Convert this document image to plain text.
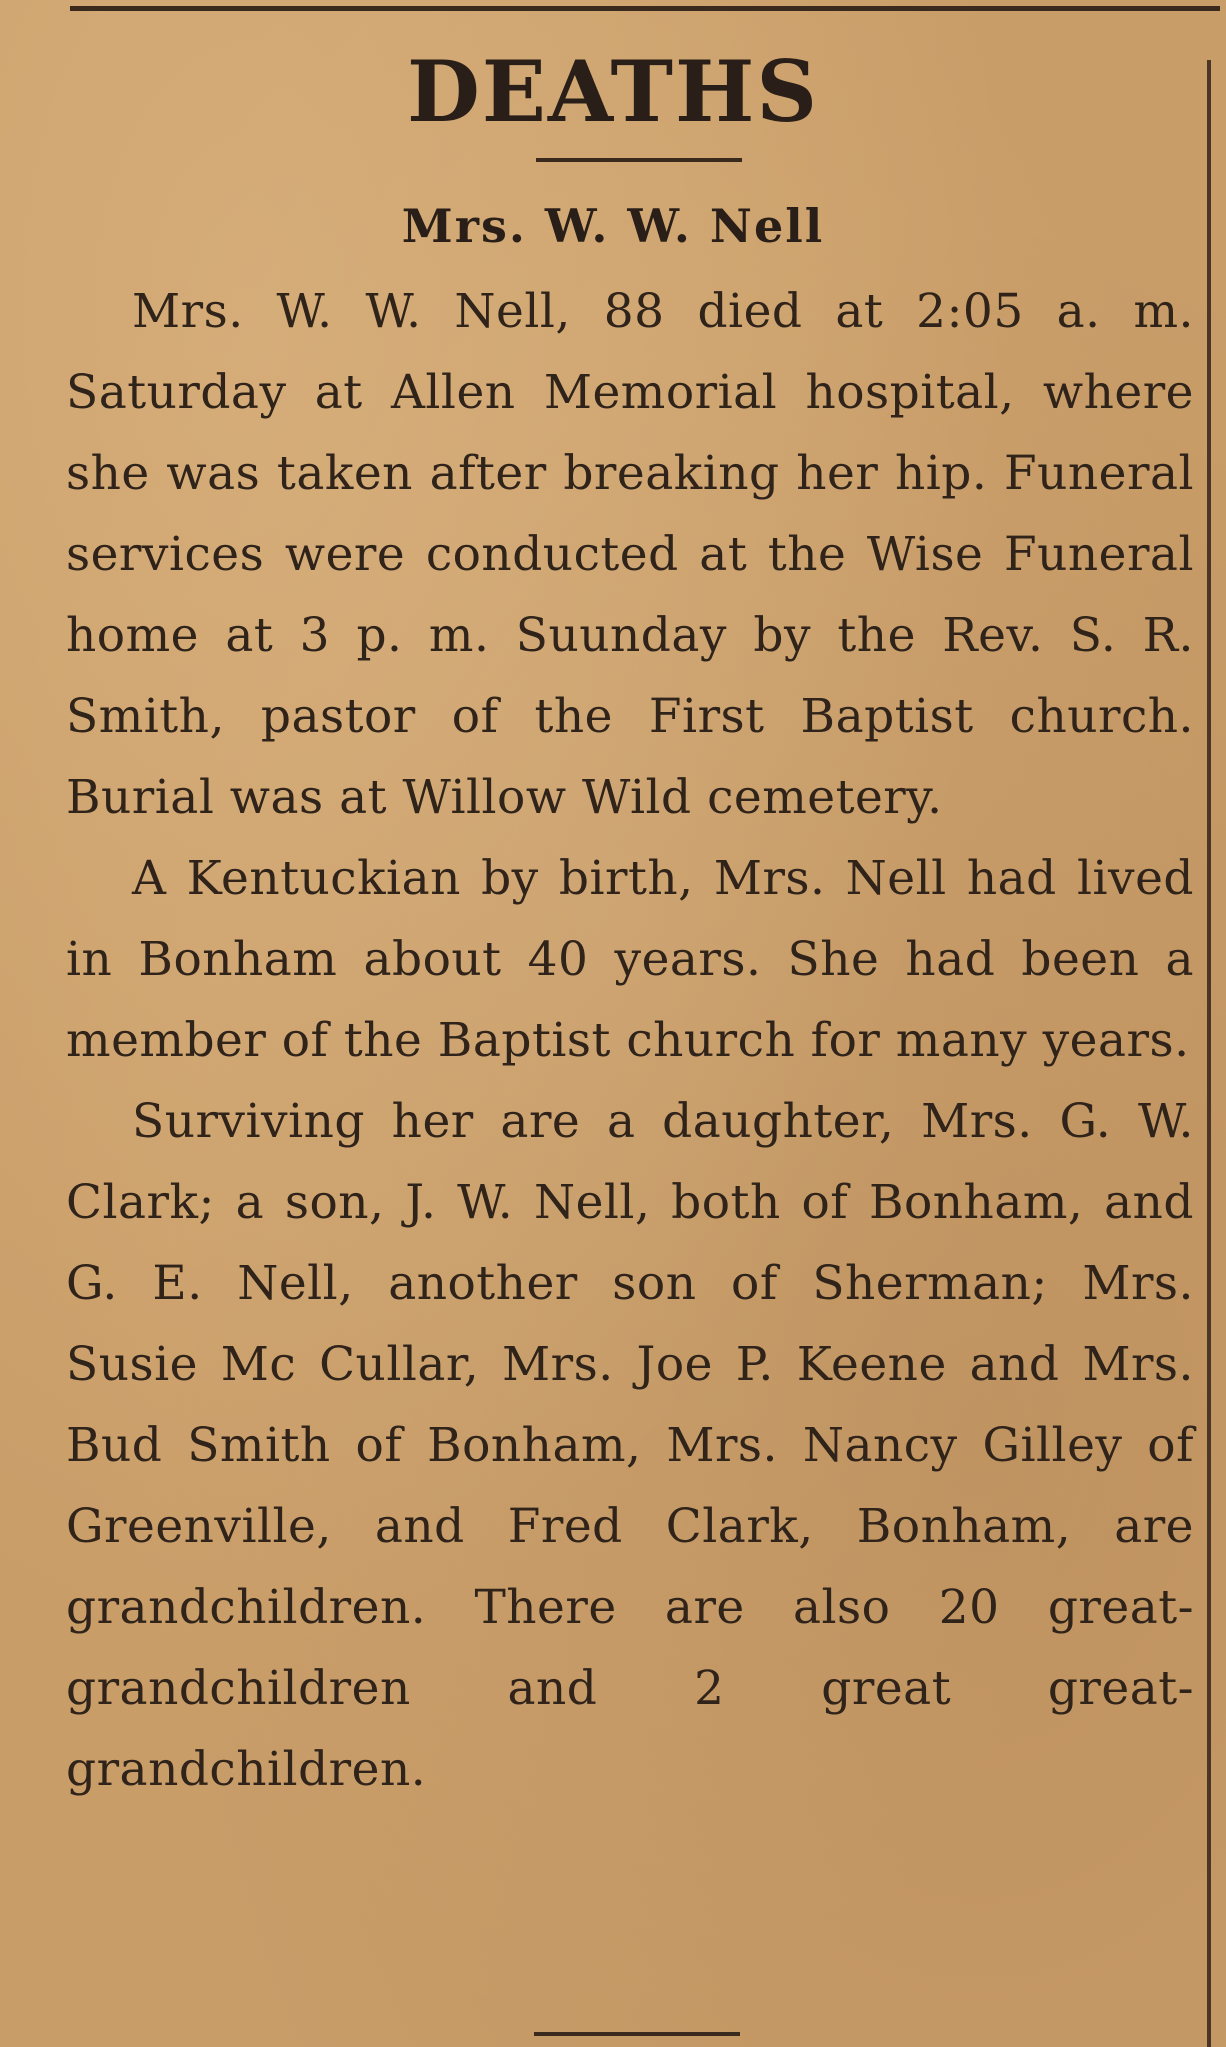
DEATHS
Mrs. W. W. Nell

Mrs. W. W. Nell, 88 died at 2:05 a. m. Saturday at Allen Memorial hospital, where she was taken after breaking her hip. Funeral services were conducted at the Wise Funeral home at 3 p. m. Suunday by the Rev. S. R. Smith, pastor of the First Baptist church. Burial was at Willow Wild cemetery.

A Kentuckian by birth, Mrs. Nell had lived in Bonham about 40 years. She had been a member of the Baptist church for many years.

Surviving her are a daughter, Mrs. G. W. Clark; a son, J. W. Nell, both of Bonham, and G. E. Nell, another son of Sherman; Mrs. Susie Mc Cullar, Mrs. Joe P. Keene and Mrs. Bud Smith of Bonham, Mrs. Nancy Gilley of Greenville, and Fred Clark, Bonham, are grandchildren. There are also 20 great-grandchildren and 2 great great-grandchildren.
